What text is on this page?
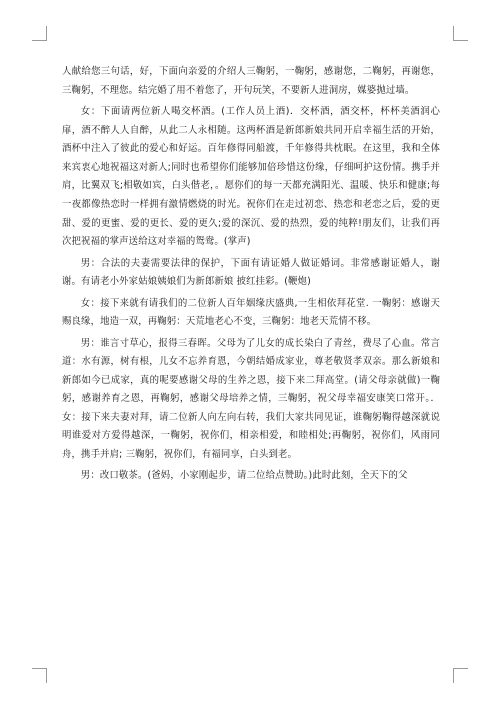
人献给您三句话，好，下面向亲爱的介绍人三鞠躬，一鞠躬，感谢您，二鞠躬，再谢您，三鞠躬，不理您。结完婚了用不着您了，开句玩笑，不要新人进洞房，媒婆抛过墙。

女：下面请两位新人喝交杯酒。(工作人员上酒)．交杯酒，酒交杯，杯杯美酒润心扉，酒不醉人人自醉，从此二人永相随。这两杯酒是新郎新娘共同开启幸福生活的开始，酒杯中注入了彼此的爱心和好运。百年修得同船渡，千年修得共枕眠。在这里，我和全体来宾衷心地祝福这对新人;同时也希望你们能够加倍珍惜这份缘，仔细呵护这份情。携手并肩，比翼双飞;相敬如宾，白头偕老，。愿你们的每一天都充满阳光、温暖、快乐和健康;每一夜都像热恋时一样拥有激情燃烧的时光。祝你们在走过初恋、热恋和老恋之后，爱的更甜、爱的更蜜、爱的更长、爱的更久;爱的深沉、爱的热烈，爱的纯粹!朋友们，让我们再次把祝福的掌声送给这对幸福的鸳鸯。(掌声)

男：合法的夫妻需要法律的保护，下面有请证婚人做证婚词。非常感谢证婚人，谢谢。有请老小外家姑娘姨娘们为新郎新娘 披红挂彩。(鞭炮)

女：接下来就有请我们的二位新人百年姻缘庆盛典,一生相依拜花堂. 一鞠躬：感谢天赐良缘，地造一双，再鞠躬：天荒地老心不变，三鞠躬：地老天荒情不移。

男：谁言寸草心，报得三春晖。父母为了儿女的成长染白了青丝，费尽了心血。常言道：水有源，树有根，儿女不忘养育恩，今朝结婚成家业，尊老敬贤孝双亲。那么新娘和新郎如今已成家，真的呢要感谢父母的生养之恩，接下来二拜高堂。(请父母亲就做)一鞠躬，感谢养育之恩，再鞠躬，感谢父母培养之情，三鞠躬，祝父母幸福安康笑口常开。．女：接下来夫妻对拜，请二位新人向左向右转，我们大家共同见证，谁鞠躬鞠得越深就说明谁爱对方爱得越深，一鞠躬，祝你们，相亲相爱，和睦相处;再鞠躬，祝你们，风雨同舟，携手并肩; 三鞠躬，祝你们，有福同享，白头到老。

男：改口敬茶。(爸妈，小家刚起步，请二位给点赞助。)此时此刻，全天下的父
